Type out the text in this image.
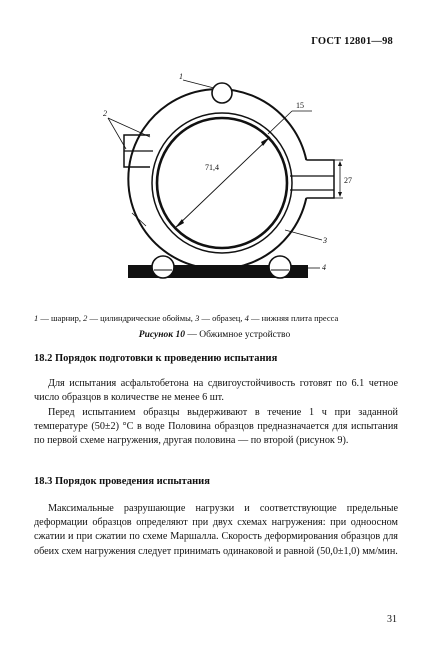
ГОСТ 12801—98
1
2
3
4
71,4
15
27
1 — шарнир, 2 — цилиндрические обоймы, 3 — образец, 4 — нижняя плита пресса
Рисунок 10 — Обжимное устройство
18.2 Порядок подготовки к проведению испытания

Для испытания асфальтобетона на сдвигоустойчивость готовят по 6.1 четное число образцов в количестве не менее 6 шт.

Перед испытанием образцы выдерживают в течение 1 ч при заданной температуре (50±2) °С в воде Половина образцов предназначается для испытания по первой схеме нагружения, другая половина — по второй (рисунок 9).

18.3 Порядок проведения испытания

Максимальные разрушающие нагрузки и соответствующие предельные деформации образцов определяют при двух схемах нагружения: при одноосном сжатии и при сжатии по схеме Маршалла. Скорость деформирования образцов для обеих схем нагружения следует принимать одинаковой и равной (50,0±1,0) мм/мин.

31
